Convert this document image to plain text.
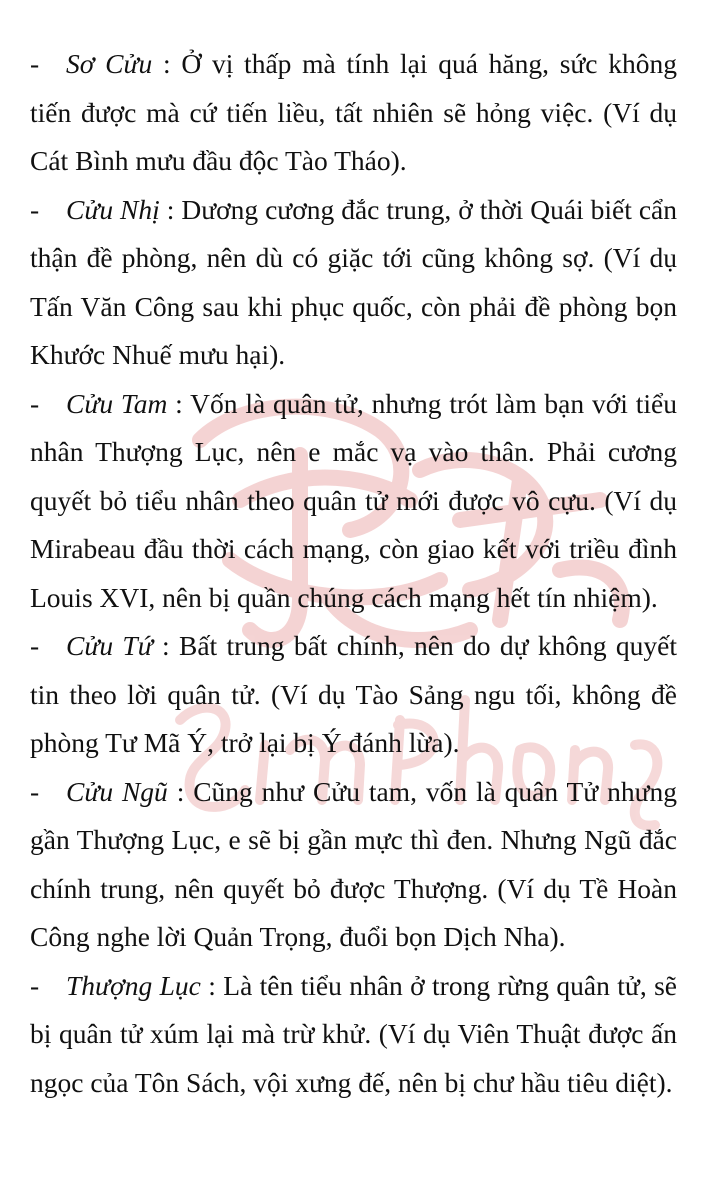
- Sơ Cửu : Ở vị thấp mà tính lại quá hăng, sức không tiến được mà cứ tiến liều, tất nhiên sẽ hỏng việc. (Ví dụ Cát Bình mưu đầu độc Tào Tháo).

- Cửu Nhị : Dương cương đắc trung, ở thời Quái biết cẩn thận đề phòng, nên dù có giặc tới cũng không sợ. (Ví dụ Tấn Văn Công sau khi phục quốc, còn phải đề phòng bọn Khước Nhuế mưu hại).

- Cửu Tam : Vốn là quân tử, nhưng trót làm bạn với tiểu nhân Thượng Lục, nên e mắc vạ vào thân. Phải cương quyết bỏ tiểu nhân theo quân tử mới được vô cựu. (Ví dụ Mirabeau đầu thời cách mạng, còn giao kết với triều đình Louis XVI, nên bị quần chúng cách mạng hết tín nhiệm).

- Cửu Tứ : Bất trung bất chính, nên do dự không quyết tin theo lời quân tử. (Ví dụ Tào Sảng ngu tối, không đề phòng Tư Mã Ý, trở lại bị Ý đánh lừa).

- Cửu Ngũ : Cũng như Cửu tam, vốn là quân Tử nhưng gần Thượng Lục, e sẽ bị gần mực thì đen. Nhưng Ngũ đắc chính trung, nên quyết bỏ được Thượng. (Ví dụ Tề Hoàn Công nghe lời Quản Trọng, đuổi bọn Dịch Nha).

- Thượng Lục : Là tên tiểu nhân ở trong rừng quân tử, sẽ bị quân tử xúm lại mà trừ khử. (Ví dụ Viên Thuật được ấn ngọc của Tôn Sách, vội xưng đế, nên bị chư hầu tiêu diệt).
